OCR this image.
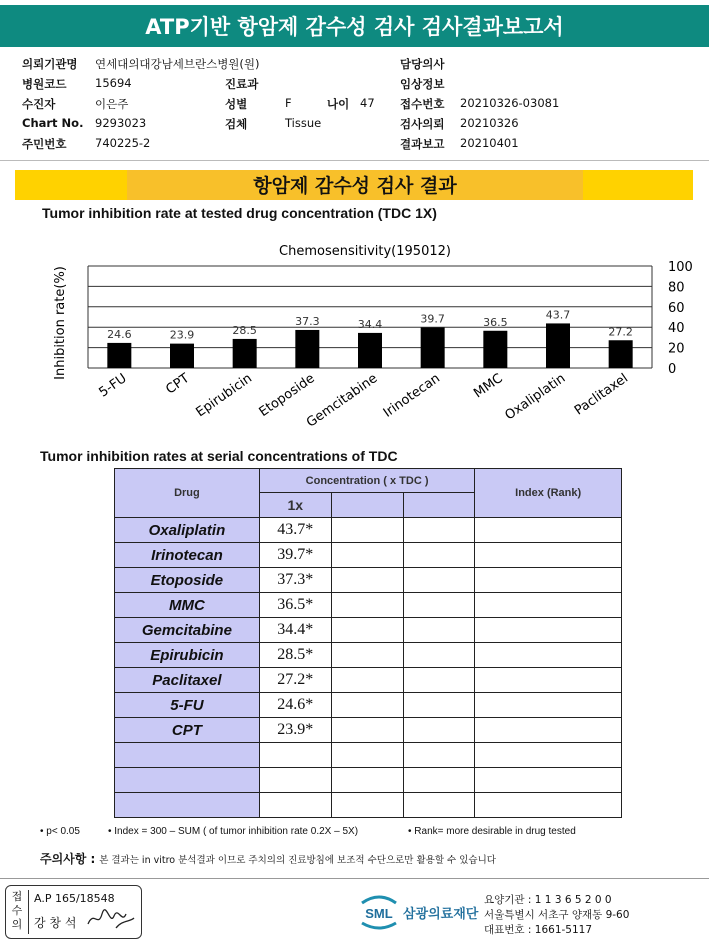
ATP기반 항암제 감수성 검사 검사결과보고서
의뢰기관명 연세대의대강남세브란스병원(원)	담당의사
병원코드 15694	진료과	임상정보
수진자	이은주	성별	F	나이 47 접수번호 20210326-03081
Chart No. 9293023	검체	Tissue	검사의뢰 20210326
주민번호 740225-2	결과보고 20210401
항암제 감수성 검사 결과
Tumor inhibition rate at tested drug concentration (TDC 1X)
Chemosensitivity(195012)
0
20
40
60
80
100
Inhibition rate(%)	24.6
5-FU
23.9
CPT
28.5
Epirubicin
37.3
Etoposide
34.4
Gemcitabine
39.7
Irinotecan
36.5
MMC
43.7
Oxaliplatin
27.2
Paclitaxel
Tumor inhibition rates at serial concentrations of TDC
Drug	Concentration ( x TDC )			Index (Rank)
	1x			
Oxaliplatin	43.7*			
Irinotecan	39.7*			
Etoposide	37.3*			
MMC	36.5*			
Gemcitabine	34.4*			
Epirubicin	28.5*			
Paclitaxel	27.2*			
5-FU	24.6*			
CPT	23.9*			

• p< 0.05	• Index = 300 – SUM ( of tumor inhibition rate 0.2X – 5X)	• Rank= more desirable in drug tested
주의사항 : 본 결과는 in vitro 분석결과 이므로 주치의의 진료방침에 보조적 수단으로만 활용할 수 있습니다
접
수
의
A.P 165/18548
강 창 석
SML 삼광의료재단
요양기관 : 1 1 3 6 5 2 0 0
서울특별시 서초구 양재동 9-60
대표번호 : 1661-5117
